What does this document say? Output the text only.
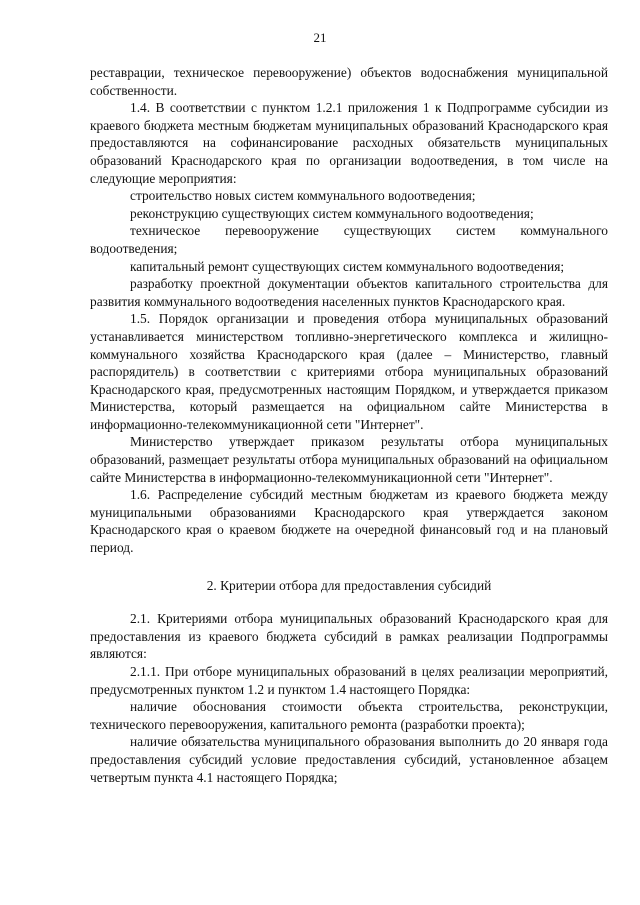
21

реставрации, техническое перевооружение) объектов водоснабжения муниципальной собственности.

1.4. В соответствии с пунктом 1.2.1 приложения 1 к Подпрограмме субсидии из краевого бюджета местным бюджетам муниципальных образований Краснодарского края предоставляются на софинансирование расходных обязательств муниципальных образований Краснодарского края по организации водоотведения, в том числе на следующие мероприятия:

строительство новых систем коммунального водоотведения;

реконструкцию существующих систем коммунального водоотведения;

техническое перевооружение существующих систем коммунального водоотведения;

капитальный ремонт существующих систем коммунального водоотведения;

разработку проектной документации объектов капитального строительства для развития коммунального водоотведения населенных пунктов Краснодарского края.

1.5. Порядок организации и проведения отбора муниципальных образований устанавливается министерством топливно-энергетического комплекса и жилищно-коммунального хозяйства Краснодарского края (далее – Министерство, главный распорядитель) в соответствии с критериями отбора муниципальных образований Краснодарского края, предусмотренных настоящим Порядком, и утверждается приказом Министерства, который размещается на официальном сайте Министерства в информационно-телекоммуникационной сети "Интернет".

Министерство утверждает приказом результаты отбора муниципальных образований, размещает результаты отбора муниципальных образований на официальном сайте Министерства в информационно-телекоммуникационной сети "Интернет".

1.6. Распределение субсидий местным бюджетам из краевого бюджета между муниципальными образованиями Краснодарского края утверждается законом Краснодарского края о краевом бюджете на очередной финансовый год и на плановый период.

2. Критерии отбора для предоставления субсидий

2.1. Критериями отбора муниципальных образований Краснодарского края для предоставления из краевого бюджета субсидий в рамках реализации Подпрограммы являются:

2.1.1. При отборе муниципальных образований в целях реализации мероприятий, предусмотренных пунктом 1.2 и пунктом 1.4 настоящего Порядка:

наличие обоснования стоимости объекта строительства, реконструкции, технического перевооружения, капитального ремонта (разработки проекта);

наличие обязательства муниципального образования выполнить до 20 января года предоставления субсидий условие предоставления субсидий, установленное абзацем четвертым пункта 4.1 настоящего Порядка;
